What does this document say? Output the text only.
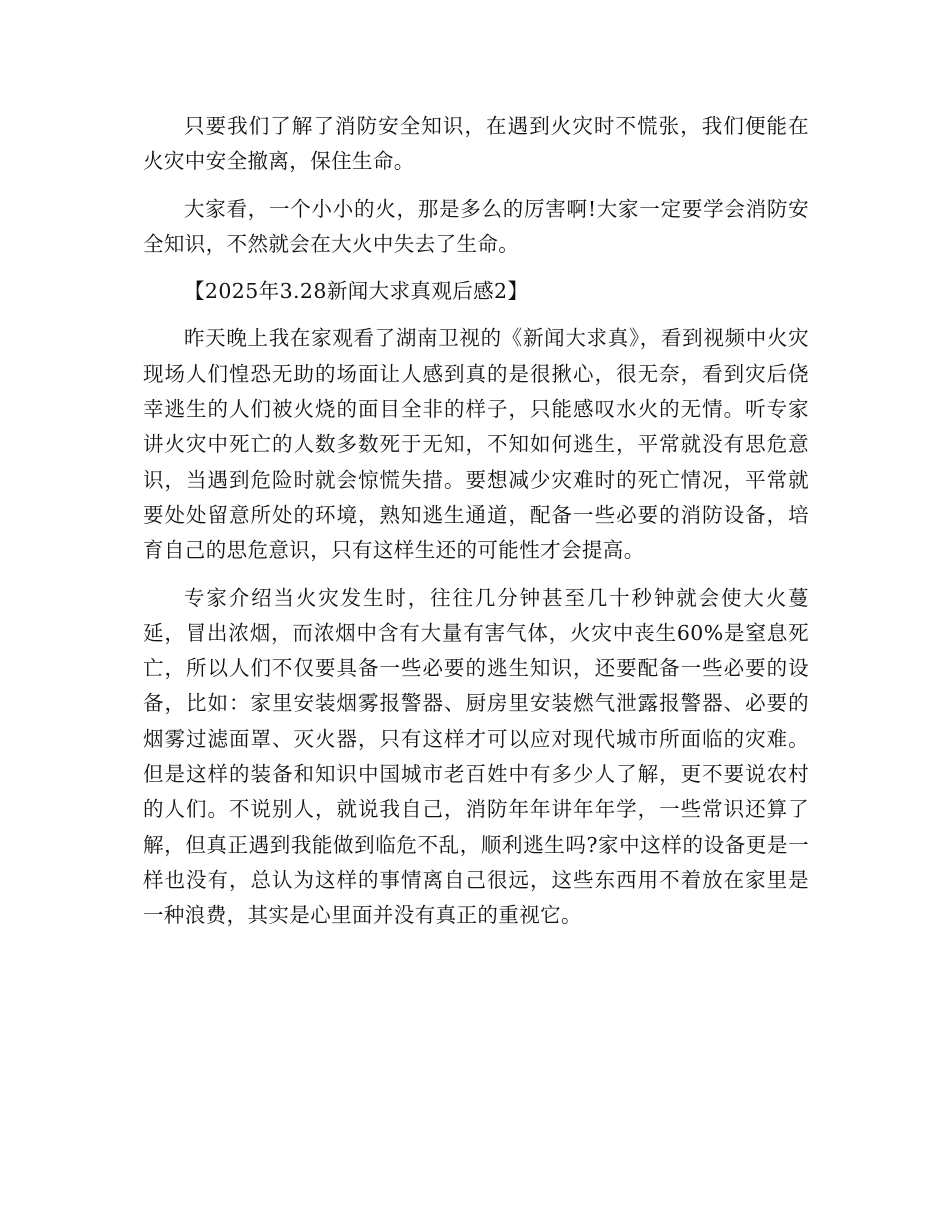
只要我们了解了消防安全知识，在遇到火灾时不慌张，我们便能在火灾中安全撤离，保住生命。

大家看，一个小小的火，那是多么的厉害啊!大家一定要学会消防安全知识，不然就会在大火中失去了生命。

【2025年3.28新闻大求真观后感2】

昨天晚上我在家观看了湖南卫视的《新闻大求真》，看到视频中火灾现场人们惶恐无助的场面让人感到真的是很揪心，很无奈，看到灾后侥幸逃生的人们被火烧的面目全非的样子，只能感叹水火的无情。听专家讲火灾中死亡的人数多数死于无知，不知如何逃生，平常就没有思危意识，当遇到危险时就会惊慌失措。要想减少灾难时的死亡情况，平常就要处处留意所处的环境，熟知逃生通道，配备一些必要的消防设备，培育自己的思危意识，只有这样生还的可能性才会提高。

专家介绍当火灾发生时，往往几分钟甚至几十秒钟就会使大火蔓延，冒出浓烟，而浓烟中含有大量有害气体，火灾中丧生60%是窒息死亡，所以人们不仅要具备一些必要的逃生知识，还要配备一些必要的设备，比如：家里安装烟雾报警器、厨房里安装燃气泄露报警器、必要的烟雾过滤面罩、灭火器，只有这样才可以应对现代城市所面临的灾难。但是这样的装备和知识中国城市老百姓中有多少人了解，更不要说农村的人们。不说别人，就说我自己，消防年年讲年年学，一些常识还算了解，但真正遇到我能做到临危不乱，顺利逃生吗?家中这样的设备更是一样也没有，总认为这样的事情离自己很远，这些东西用不着放在家里是一种浪费，其实是心里面并没有真正的重视它。
